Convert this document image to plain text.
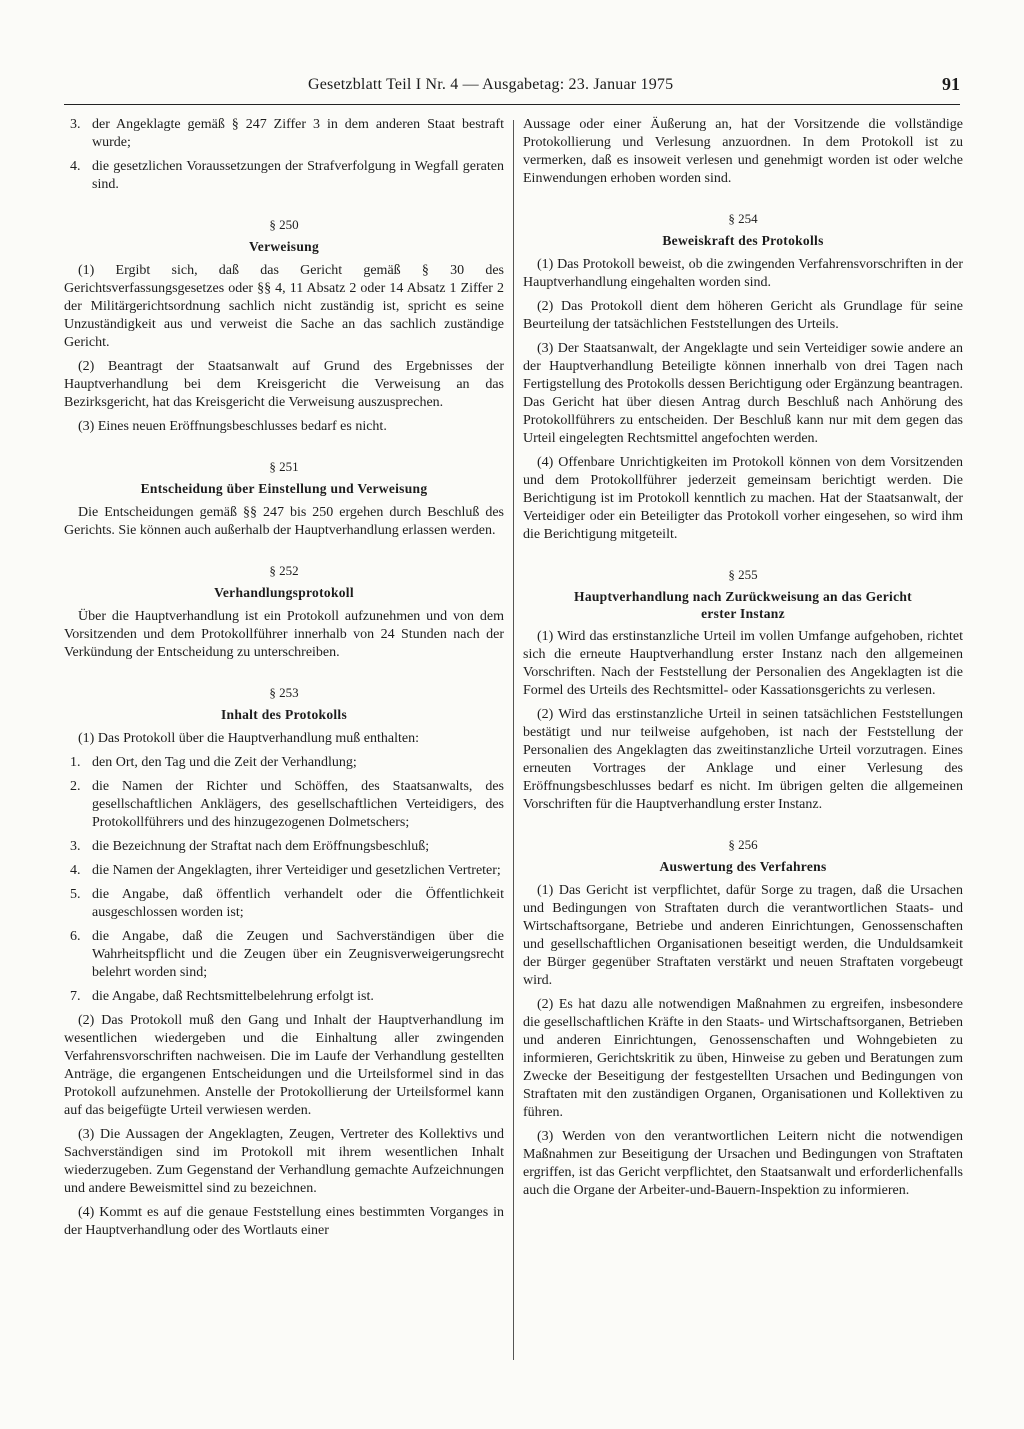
Gesetzblatt Teil I Nr. 4 — Ausgabetag: 23. Januar 1975	91
3. der Angeklagte gemäß § 247 Ziffer 3 in dem anderen Staat bestraft wurde;
4. die gesetzlichen Voraussetzungen der Strafverfolgung in Wegfall geraten sind.
§ 250
Verweisung

(1) Ergibt sich, daß das Gericht gemäß § 30 des Gerichtsverfassungsgesetzes oder §§ 4, 11 Absatz 2 oder 14 Absatz 1 Ziffer 2 der Militärgerichtsordnung sachlich nicht zuständig ist, spricht es seine Unzuständigkeit aus und verweist die Sache an das sachlich zuständige Gericht.

(2) Beantragt der Staatsanwalt auf Grund des Ergebnisses der Hauptverhandlung bei dem Kreisgericht die Verweisung an das Bezirksgericht, hat das Kreisgericht die Verweisung auszusprechen.

(3) Eines neuen Eröffnungsbeschlusses bedarf es nicht.

§ 251
Entscheidung über Einstellung und Verweisung

Die Entscheidungen gemäß §§ 247 bis 250 ergehen durch Beschluß des Gerichts. Sie können auch außerhalb der Hauptverhandlung erlassen werden.

§ 252
Verhandlungsprotokoll

Über die Hauptverhandlung ist ein Protokoll aufzunehmen und von dem Vorsitzenden und dem Protokollführer innerhalb von 24 Stunden nach der Verkündung der Entscheidung zu unterschreiben.

§ 253
Inhalt des Protokolls

(1) Das Protokoll über die Hauptverhandlung muß enthalten:

1. den Ort, den Tag und die Zeit der Verhandlung;
2. die Namen der Richter und Schöffen, des Staatsanwalts, des gesellschaftlichen Anklägers, des gesellschaftlichen Verteidigers, des Protokollführers und des hinzugezogenen Dolmetschers;
3. die Bezeichnung der Straftat nach dem Eröffnungsbeschluß;
4. die Namen der Angeklagten, ihrer Verteidiger und gesetzlichen Vertreter;
5. die Angabe, daß öffentlich verhandelt oder die Öffentlichkeit ausgeschlossen worden ist;
6. die Angabe, daß die Zeugen und Sachverständigen über die Wahrheitspflicht und die Zeugen über ein Zeugnisverweigerungsrecht belehrt worden sind;
7. die Angabe, daß Rechtsmittelbelehrung erfolgt ist.

(2) Das Protokoll muß den Gang und Inhalt der Hauptverhandlung im wesentlichen wiedergeben und die Einhaltung aller zwingenden Verfahrensvorschriften nachweisen. Die im Laufe der Verhandlung gestellten Anträge, die ergangenen Entscheidungen und die Urteilsformel sind in das Protokoll aufzunehmen. Anstelle der Protokollierung der Urteilsformel kann auf das beigefügte Urteil verwiesen werden.

(3) Die Aussagen der Angeklagten, Zeugen, Vertreter des Kollektivs und Sachverständigen sind im Protokoll mit ihrem wesentlichen Inhalt wiederzugeben. Zum Gegenstand der Verhandlung gemachte Aufzeichnungen und andere Beweismittel sind zu bezeichnen.

(4) Kommt es auf die genaue Feststellung eines bestimmten Vorganges in der Hauptverhandlung oder des Wortlauts einer

Aussage oder einer Äußerung an, hat der Vorsitzende die vollständige Protokollierung und Verlesung anzuordnen. In dem Protokoll ist zu vermerken, daß es insoweit verlesen und genehmigt worden ist oder welche Einwendungen erhoben worden sind.

§ 254
Beweiskraft des Protokolls

(1) Das Protokoll beweist, ob die zwingenden Verfahrensvorschriften in der Hauptverhandlung eingehalten worden sind.

(2) Das Protokoll dient dem höheren Gericht als Grundlage für seine Beurteilung der tatsächlichen Feststellungen des Urteils.

(3) Der Staatsanwalt, der Angeklagte und sein Verteidiger sowie andere an der Hauptverhandlung Beteiligte können innerhalb von drei Tagen nach Fertigstellung des Protokolls dessen Berichtigung oder Ergänzung beantragen. Das Gericht hat über diesen Antrag durch Beschluß nach Anhörung des Protokollführers zu entscheiden. Der Beschluß kann nur mit dem gegen das Urteil eingelegten Rechtsmittel angefochten werden.

(4) Offenbare Unrichtigkeiten im Protokoll können von dem Vorsitzenden und dem Protokollführer jederzeit gemeinsam berichtigt werden. Die Berichtigung ist im Protokoll kenntlich zu machen. Hat der Staatsanwalt, der Verteidiger oder ein Beteiligter das Protokoll vorher eingesehen, so wird ihm die Berichtigung mitgeteilt.

§ 255
Hauptverhandlung nach Zurückweisung an das Gericht
erster Instanz

(1) Wird das erstinstanzliche Urteil im vollen Umfange aufgehoben, richtet sich die erneute Hauptverhandlung erster Instanz nach den allgemeinen Vorschriften. Nach der Feststellung der Personalien des Angeklagten ist die Formel des Urteils des Rechtsmittel- oder Kassationsgerichts zu verlesen.

(2) Wird das erstinstanzliche Urteil in seinen tatsächlichen Feststellungen bestätigt und nur teilweise aufgehoben, ist nach der Feststellung der Personalien des Angeklagten das zweitinstanzliche Urteil vorzutragen. Eines erneuten Vortrages der Anklage und einer Verlesung des Eröffnungsbeschlusses bedarf es nicht. Im übrigen gelten die allgemeinen Vorschriften für die Hauptverhandlung erster Instanz.

§ 256
Auswertung des Verfahrens

(1) Das Gericht ist verpflichtet, dafür Sorge zu tragen, daß die Ursachen und Bedingungen von Straftaten durch die verantwortlichen Staats- und Wirtschaftsorgane, Betriebe und anderen Einrichtungen, Genossenschaften und gesellschaftlichen Organisationen beseitigt werden, die Unduldsamkeit der Bürger gegenüber Straftaten verstärkt und neuen Straftaten vorgebeugt wird.

(2) Es hat dazu alle notwendigen Maßnahmen zu ergreifen, insbesondere die gesellschaftlichen Kräfte in den Staats- und Wirtschaftsorganen, Betrieben und anderen Einrichtungen, Genossenschaften und Wohngebieten zu informieren, Gerichtskritik zu üben, Hinweise zu geben und Beratungen zum Zwecke der Beseitigung der festgestellten Ursachen und Bedingungen von Straftaten mit den zuständigen Organen, Organisationen und Kollektiven zu führen.

(3) Werden von den verantwortlichen Leitern nicht die notwendigen Maßnahmen zur Beseitigung der Ursachen und Bedingungen von Straftaten ergriffen, ist das Gericht verpflichtet, den Staatsanwalt und erforderlichenfalls auch die Organe der Arbeiter-und-Bauern-Inspektion zu informieren.
